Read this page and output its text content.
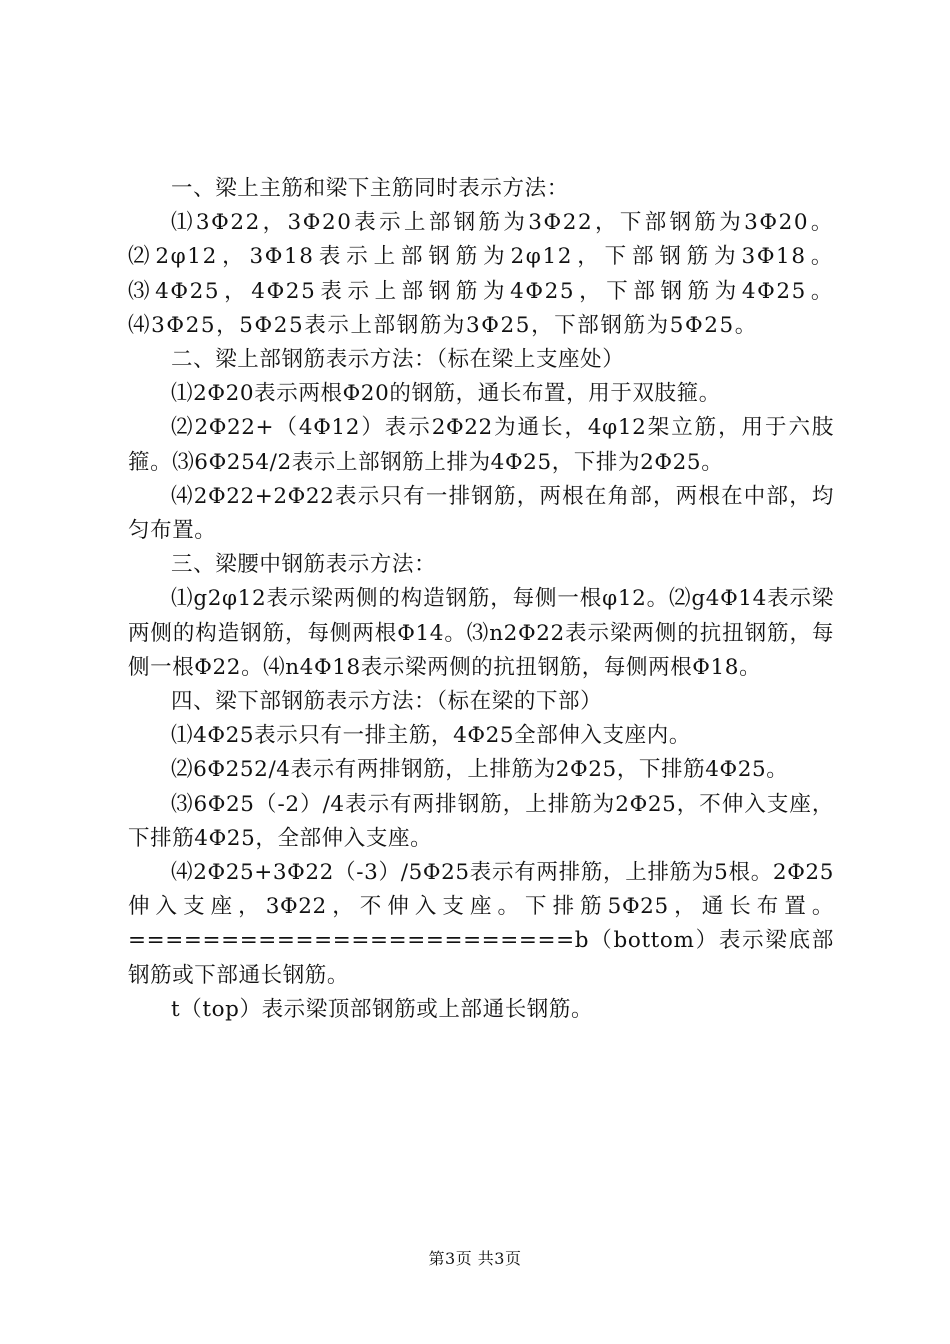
一、梁上主筋和梁下主筋同时表示方法：

⑴3Φ22，3Φ20表示上部钢筋为3Φ22，下部钢筋为3Φ20。⑵2φ12，3Φ18表示上部钢筋为2φ12，下部钢筋为3Φ18。⑶4Φ25，4Φ25表示上部钢筋为4Φ25，下部钢筋为4Φ25。⑷3Φ25，5Φ25表示上部钢筋为3Φ25，下部钢筋为5Φ25。

二、梁上部钢筋表示方法：（标在梁上支座处）

⑴2Φ20表示两根Φ20的钢筋，通长布置，用于双肢箍。

⑵2Φ22+（4Φ12）表示2Φ22为通长，4φ12架立筋，用于六肢箍。⑶6Φ254/2表示上部钢筋上排为4Φ25，下排为2Φ25。

⑷2Φ22+2Φ22表示只有一排钢筋，两根在角部，两根在中部，均匀布置。

三、梁腰中钢筋表示方法：

⑴g2φ12表示梁两侧的构造钢筋，每侧一根φ12。⑵g4Φ14表示梁两侧的构造钢筋，每侧两根Φ14。⑶n2Φ22表示梁两侧的抗扭钢筋，每侧一根Φ22。⑷n4Φ18表示梁两侧的抗扭钢筋，每侧两根Φ18。

四、梁下部钢筋表示方法：（标在梁的下部）

⑴4Φ25表示只有一排主筋，4Φ25全部伸入支座内。

⑵6Φ252/4表示有两排钢筋，上排筋为2Φ25，下排筋4Φ25。

⑶6Φ25（-2）/4表示有两排钢筋，上排筋为2Φ25，不伸入支座，下排筋4Φ25，全部伸入支座。

⑷2Φ25+3Φ22（-3）/5Φ25表示有两排筋，上排筋为5根。2Φ25伸入支座，3Φ22，不伸入支座。下排筋5Φ25，通长布置。========================b（bottom）表示梁底部钢筋或下部通长钢筋。

t（top）表示梁顶部钢筋或上部通长钢筋。

第3页 共3页
